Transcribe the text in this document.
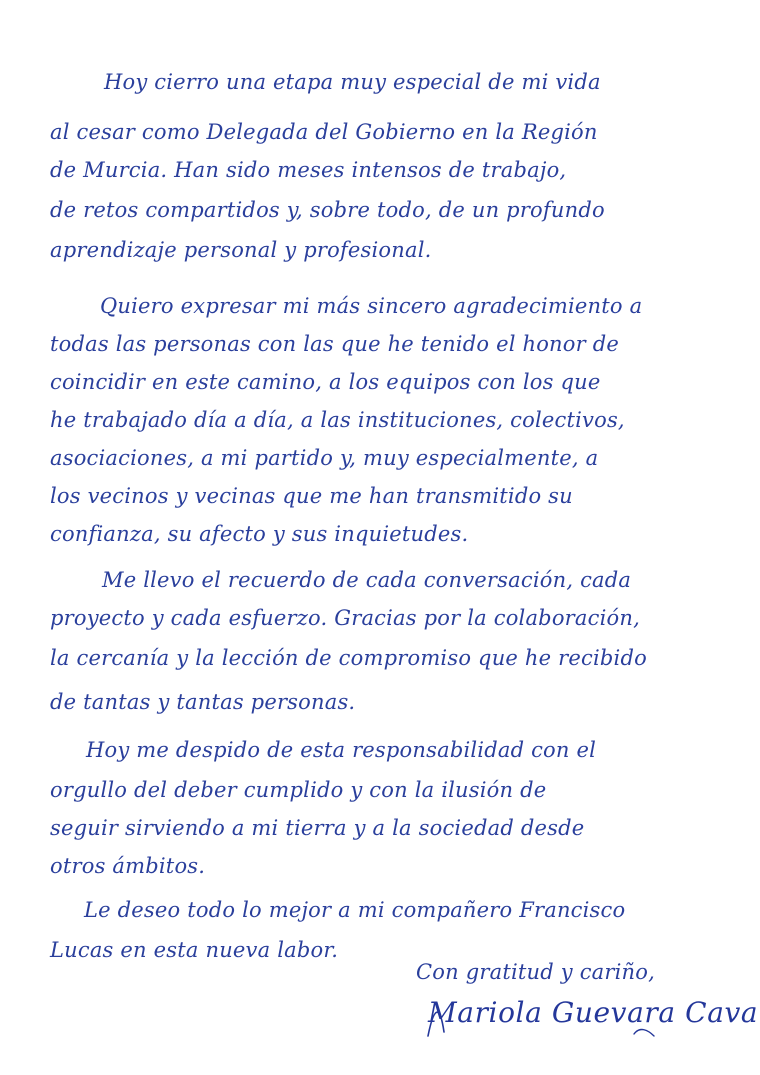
Hoy cierro una etapa muy especial de mi vida
al cesar como Delegada del Gobierno en la Región
de Murcia. Han sido meses intensos de trabajo,
de retos compartidos y, sobre todo, de un profundo
aprendizaje personal y profesional.
Quiero expresar mi más sincero agradecimiento a
todas las personas con las que he tenido el honor de
coincidir en este camino, a los equipos con los que
he trabajado día a día, a las instituciones, colectivos,
asociaciones, a mi partido y, muy especialmente, a
los vecinos y vecinas que me han transmitido su
confianza, su afecto y sus inquietudes.
Me llevo el recuerdo de cada conversación, cada
proyecto y cada esfuerzo. Gracias por la colaboración,
la cercanía y la lección de compromiso que he recibido
de tantas y tantas personas.
Hoy me despido de esta responsabilidad con el
orgullo del deber cumplido y con la ilusión de
seguir sirviendo a mi tierra y a la sociedad desde
otros ámbitos.
Le deseo todo lo mejor a mi compañero Francisco
Lucas en esta nueva labor.
Con gratitud y cariño,
Mariola Guevara Cava
